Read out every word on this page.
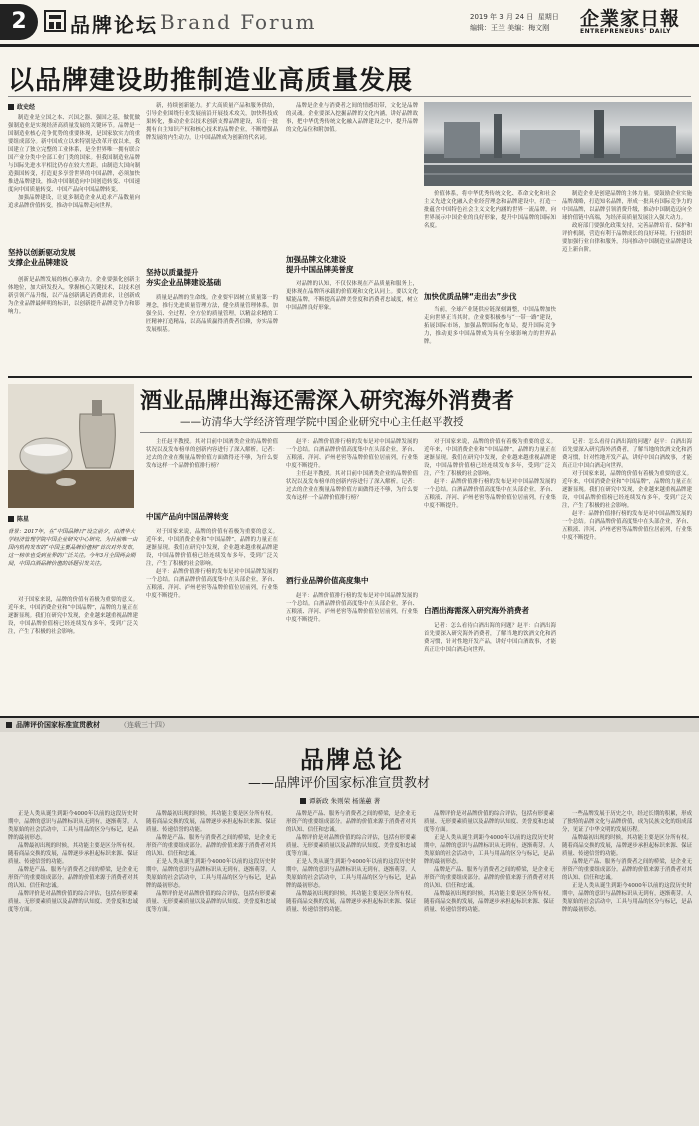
2	品牌论坛 Brand Forum	2019 年 3 月 24 日 星期日
编辑：王兰 美编：梅文刚 企業家日報
ENTREPRENEURS' DAILY
以品牌建设助推制造业高质量发展
政史经

制造业是立国之本、兴国之器、强国之基，做优做强制造业是实现经济高质量发展的关键环节。品牌是一国制造业核心竞争优势的重要体现，是国家软实力的重要组成部分。新中国成立以来特别是改革开放以来，我国建立了独立完整的工业体系，是全世界唯一拥有联合国产业分类中全部工业门类的国家。但我国制造业品牌与国际先进水平相比仍存在较大差距，由制造大国向制造强国转变，打造更多享誉世界的中国品牌，必须加快推进品牌建设，推动中国制造向中国创造转变、中国速度向中国质量转变、中国产品向中国品牌转变。

加强品牌建设，让更多制造企业从追求产品数量向追求品牌价值转变，推动中国品牌走向世界。

坚持以创新驱动发展
支撑企业品牌建设

创新是品牌发展的核心驱动力。企业要强化创新主体地位，加大研发投入，掌握核心关键技术，以技术创新引领产品升级，以产品创新满足消费需求，让创新成为企业品牌最鲜明的标识，以创新提升品牌竞争力和影响力。

新，持续创新能力。扩大高质量产品和服务供给，引导企业围绕行业发展前沿开展技术攻关，加快科技成果转化，推动企业以技术创新支撑品牌建设，培育一批拥有自主知识产权和核心技术的品牌企业，不断增强品牌发展的内生动力，让中国品牌成为创新的代名词。

坚持以质量提升
夯实企业品牌建设基础

质量是品牌的生命线。企业要牢固树立质量第一的理念，推行先进质量管理方法，健全质量管理体系，加强全员、全过程、全方位的质量管理，以精益求精的工匠精神打造精品，以高品质赢得消费者信赖，夯实品牌发展根基。

品牌是企业与消费者之间的情感纽带，文化是品牌的灵魂。企业要深入挖掘品牌的文化内涵，讲好品牌故事，把中华优秀传统文化融入品牌建设之中，提升品牌的文化品位和附加值。

加强品牌文化建设
提升中国品牌美誉度

对品牌的认知，不仅仅体现在产品质量和服务上，更体现在品牌所承载的价值观和文化认同上。要以文化赋能品牌，不断提高品牌美誉度和消费者忠诚度，树立中国品牌良好形象。

价值体系，将中华优秀传统文化、革命文化和社会主义先进文化融入企业经营理念和品牌建设中，打造一批蕴含中国特色社会主义文化内涵的世界一流品牌，向世界展示中国企业的良好形象，提升中国品牌的国际知名度。

加快优质品牌“走出去”步伐

当前，全球产业链供应链深刻调整，中国品牌加快走向世界正当其时。企业要积极参与“一带一路”建设，拓展国际市场，加强品牌国际化布局，提升国际竞争力，推动更多中国品牌成为具有全球影响力的世界品牌。

制造企业是创建品牌的主体力量。要鼓励企业实施品牌战略，打造知名品牌，形成一批具有国际竞争力的中国品牌，以品牌引领消费升级，推动中国制造迈向全球价值链中高端，为经济高质量发展注入强大动力。

政府部门要强化政策支持，完善品牌培育、保护和评价机制，营造有利于品牌成长的良好环境。行业组织要加强行业自律和服务，共同推动中国制造业品牌建设迈上新台阶。

酒业品牌出海还需深入研究海外消费者
——访清华大学经济管理学院中国企业研究中心主任赵平教授
陈星
背景：2017年，在“中国品牌日”设立前夕，由清华大学经济管理学院中国企业研究中心研究、为目前唯一由国内机构发布的“中国主要品牌价值榜”首次对外发布，这一榜单也受到业界的广泛关注。今年3月全国两会期间，中国白酒品牌价值的话题引发关注。

对于国家来说，品牌的价值有着极为重要的意义。近年来，中国消费企业和“中国品牌”，品牌的力量正在逐渐显现。我们在研究中发现，企业越来越重视品牌建设，中国品牌价值榜已经连续发布多年，受到广泛关注，产生了积极的社会影响。

主任赵平教授。其对目前中国酒类企业的品牌价值状况以及发布榜单的创新内容进行了深入解析。记者：过去的企业在衡量品牌价值方面做得还不够，为什么要发布这样一个品牌价值排行榜？

中国产品向中国品牌转变

对于国家来说，品牌的价值有着极为重要的意义。近年来，中国消费企业和“中国品牌”，品牌的力量正在逐渐显现。我们在研究中发现，企业越来越重视品牌建设，中国品牌价值榜已经连续发布多年，受到广泛关注，产生了积极的社会影响。

赵平：品牌价值排行榜的发布是对中国品牌发展的一个总结。白酒品牌价值高度集中在头部企业，茅台、五粮液、洋河、泸州老窖等品牌价值位居前列，行业集中度不断提升。

赵平：品牌价值排行榜的发布是对中国品牌发展的一个总结。白酒品牌价值高度集中在头部企业，茅台、五粮液、洋河、泸州老窖等品牌价值位居前列，行业集中度不断提升。

主任赵平教授。其对目前中国酒类企业的品牌价值状况以及发布榜单的创新内容进行了深入解析。记者：过去的企业在衡量品牌价值方面做得还不够，为什么要发布这样一个品牌价值排行榜？

酒行业品牌价值高度集中

赵平：品牌价值排行榜的发布是对中国品牌发展的一个总结。白酒品牌价值高度集中在头部企业，茅台、五粮液、洋河、泸州老窖等品牌价值位居前列，行业集中度不断提升。

对于国家来说，品牌的价值有着极为重要的意义。近年来，中国消费企业和“中国品牌”，品牌的力量正在逐渐显现。我们在研究中发现，企业越来越重视品牌建设，中国品牌价值榜已经连续发布多年，受到广泛关注，产生了积极的社会影响。

赵平：品牌价值排行榜的发布是对中国品牌发展的一个总结。白酒品牌价值高度集中在头部企业，茅台、五粮液、洋河、泸州老窖等品牌价值位居前列，行业集中度不断提升。

白酒出海需深入研究海外消费者

记者：怎么看待白酒出海的问题？赵平：白酒出海首先要深入研究海外消费者，了解当地的饮酒文化和消费习惯，针对性地开发产品，讲好中国白酒故事，才能真正让中国白酒走向世界。

记者：怎么看待白酒出海的问题？赵平：白酒出海首先要深入研究海外消费者，了解当地的饮酒文化和消费习惯，针对性地开发产品，讲好中国白酒故事，才能真正让中国白酒走向世界。

对于国家来说，品牌的价值有着极为重要的意义。近年来，中国消费企业和“中国品牌”，品牌的力量正在逐渐显现。我们在研究中发现，企业越来越重视品牌建设，中国品牌价值榜已经连续发布多年，受到广泛关注，产生了积极的社会影响。

赵平：品牌价值排行榜的发布是对中国品牌发展的一个总结。白酒品牌价值高度集中在头部企业，茅台、五粮液、洋河、泸州老窖等品牌价值位居前列，行业集中度不断提升。

品牌评价国家标准宣贯教材	（连载三十四）
品牌总论
——品牌评价国家标准宣贯教材
谭新政 朱则荣 杨谨蕙 著

正是人类从诞生到距今4000年以前的这段历史时期中，品牌的意识与品牌标识从无到有，逐渐萌芽。人类原始的社会活动中，工具与用品的区分与标记，是品牌的最初形态。

品牌最初出现的时候，其功能主要是区分所有权。随着商品交换的发展，品牌逐步承担起标识来源、保证质量、传递信誉的功能。

品牌是产品、服务与消费者之间的桥梁，是企业无形资产的重要组成部分。品牌的价值来源于消费者对其的认知、信任和忠诚。

品牌评价是对品牌价值的综合评估，包括有形要素质量、无形要素质量以及品牌的认知度、美誉度和忠诚度等方面。

品牌最初出现的时候，其功能主要是区分所有权。随着商品交换的发展，品牌逐步承担起标识来源、保证质量、传递信誉的功能。

品牌是产品、服务与消费者之间的桥梁，是企业无形资产的重要组成部分。品牌的价值来源于消费者对其的认知、信任和忠诚。

正是人类从诞生到距今4000年以前的这段历史时期中，品牌的意识与品牌标识从无到有，逐渐萌芽。人类原始的社会活动中，工具与用品的区分与标记，是品牌的最初形态。

品牌评价是对品牌价值的综合评估，包括有形要素质量、无形要素质量以及品牌的认知度、美誉度和忠诚度等方面。

品牌是产品、服务与消费者之间的桥梁，是企业无形资产的重要组成部分。品牌的价值来源于消费者对其的认知、信任和忠诚。

品牌评价是对品牌价值的综合评估，包括有形要素质量、无形要素质量以及品牌的认知度、美誉度和忠诚度等方面。

正是人类从诞生到距今4000年以前的这段历史时期中，品牌的意识与品牌标识从无到有，逐渐萌芽。人类原始的社会活动中，工具与用品的区分与标记，是品牌的最初形态。

品牌最初出现的时候，其功能主要是区分所有权。随着商品交换的发展，品牌逐步承担起标识来源、保证质量、传递信誉的功能。

品牌评价是对品牌价值的综合评估，包括有形要素质量、无形要素质量以及品牌的认知度、美誉度和忠诚度等方面。

正是人类从诞生到距今4000年以前的这段历史时期中，品牌的意识与品牌标识从无到有，逐渐萌芽。人类原始的社会活动中，工具与用品的区分与标记，是品牌的最初形态。

品牌是产品、服务与消费者之间的桥梁，是企业无形资产的重要组成部分。品牌的价值来源于消费者对其的认知、信任和忠诚。

品牌最初出现的时候，其功能主要是区分所有权。随着商品交换的发展，品牌逐步承担起标识来源、保证质量、传递信誉的功能。

一些品牌发展于历史之中，经过长期的积累，形成了独特的品牌文化与品牌价值，成为民族文化的组成部分，见证了中华文明的发展历程。

品牌最初出现的时候，其功能主要是区分所有权。随着商品交换的发展，品牌逐步承担起标识来源、保证质量、传递信誉的功能。

品牌是产品、服务与消费者之间的桥梁，是企业无形资产的重要组成部分。品牌的价值来源于消费者对其的认知、信任和忠诚。

正是人类从诞生到距今4000年以前的这段历史时期中，品牌的意识与品牌标识从无到有，逐渐萌芽。人类原始的社会活动中，工具与用品的区分与标记，是品牌的最初形态。
